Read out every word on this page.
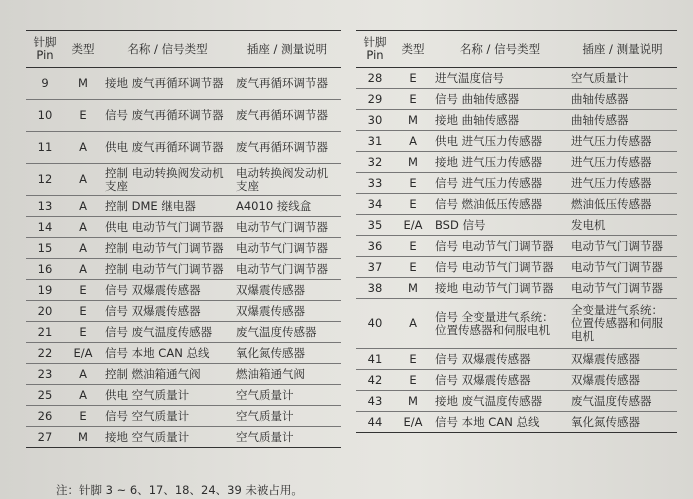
针脚
Pin	类型	名称 / 信号类型	插座 / 测量说明
9	M	接地 废气再循环调节器	废气再循环调节器
10	E	信号 废气再循环调节器	废气再循环调节器
11	A	供电 废气再循环调节器	废气再循环调节器
12	A	控制 电动转换阀发动机支座	电动转换阀发动机支座
13	A	控制 DME 继电器	A4010 接线盒
14	A	供电 电动节气门调节器	电动节气门调节器
15	A	控制 电动节气门调节器	电动节气门调节器
16	A	控制 电动节气门调节器	电动节气门调节器
19	E	信号 双爆震传感器	双爆震传感器
20	E	信号 双爆震传感器	双爆震传感器
21	E	信号 废气温度传感器	废气温度传感器
22	E/A	信号 本地 CAN 总线	氧化氮传感器
23	A	控制 燃油箱通气阀	燃油箱通气阀
25	A	供电 空气质量计	空气质量计
26	E	信号 空气质量计	空气质量计
27	M	接地 空气质量计	空气质量计
针脚
Pin	类型	名称 / 信号类型	插座 / 测量说明
28	E	进气温度信号	空气质量计
29	E	信号 曲轴传感器	曲轴传感器
30	M	接地 曲轴传感器	曲轴传感器
31	A	供电 进气压力传感器	进气压力传感器
32	M	接地 进气压力传感器	进气压力传感器
33	E	信号 进气压力传感器	进气压力传感器
34	E	信号 燃油低压传感器	燃油低压传感器
35	E/A	BSD 信号	发电机
36	E	信号 电动节气门调节器	电动节气门调节器
37	E	信号 电动节气门调节器	电动节气门调节器
38	M	接地 电动节气门调节器	电动节气门调节器
40	A	信号 全变量进气系统：位置传感器和伺服电机	全变量进气系统：位置传感器和伺服电机
41	E	信号 双爆震传感器	双爆震传感器
42	E	信号 双爆震传感器	双爆震传感器
43	M	接地 废气温度传感器	废气温度传感器
44	E/A	信号 本地 CAN 总线	氧化氮传感器
注：针脚 3 ~ 6、17、18、24、39 未被占用。
